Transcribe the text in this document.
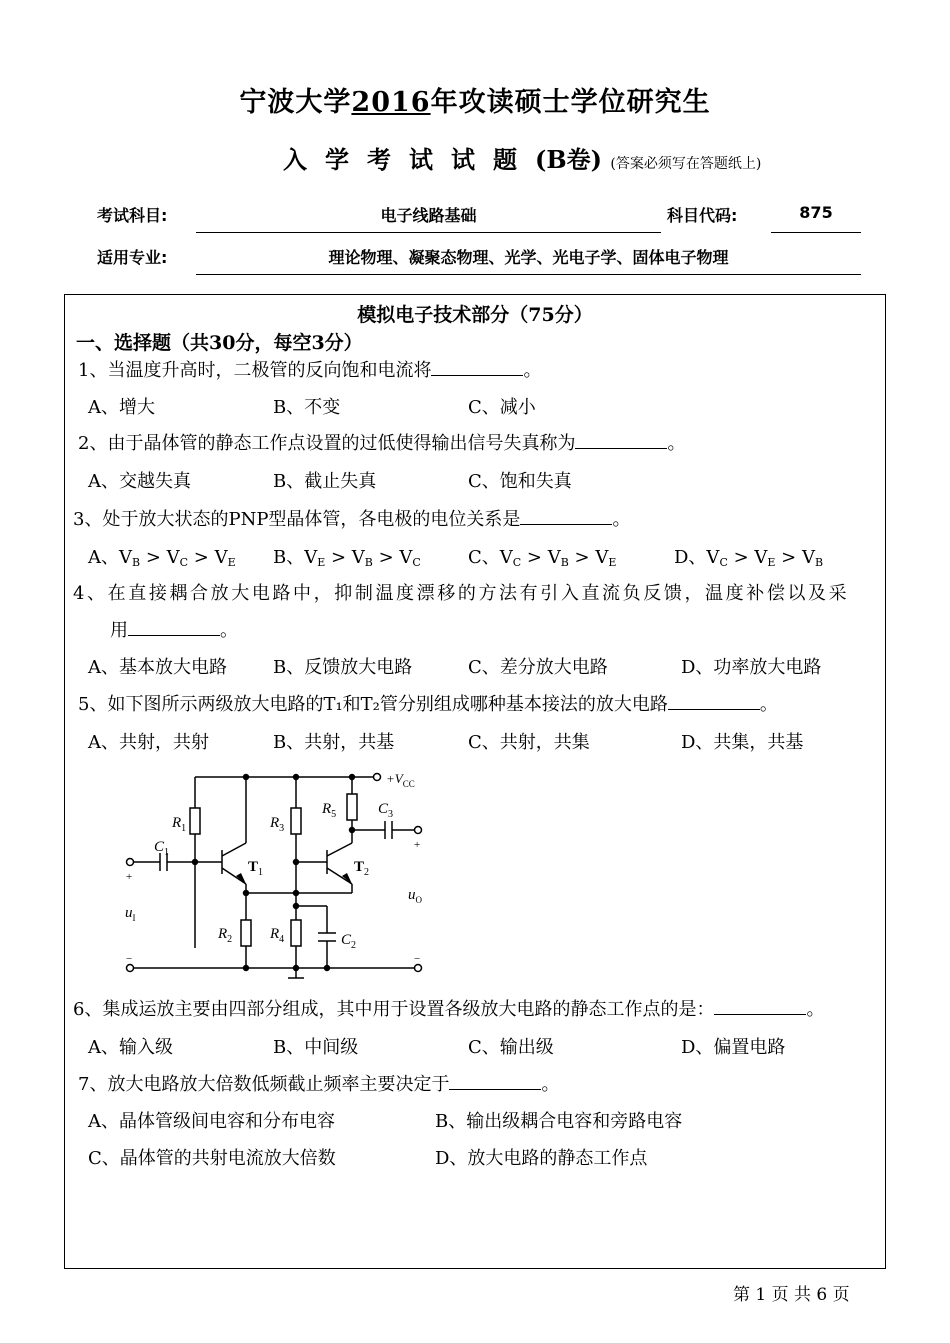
宁波大学2016年攻读硕士学位研究生
入学考试试题(B卷) (答案必须写在答题纸上)
考试科目:	电子线路基础	科目代码:	875
适用专业:	理论物理、凝聚态物理、光学、光电子学、固体电子物理
模拟电子技术部分（75分）
一、选择题（共30分，每空3分）
1、当温度升高时，二极管的反向饱和电流将	。
A、增大	B、不变	C、减小
2、由于晶体管的静态工作点设置的过低使得输出信号失真称为	。
A、交越失真	B、截止失真	C、饱和失真
3、处于放大状态的PNP型晶体管，各电极的电位关系是	。
A、$V_B > V_C > V_E$ B、$V_E > V_B > V_C$	C、$V_C > V_B > V_E$	D、$V_C > V_E > V_B$
4、在直接耦合放大电路中，抑制温度漂移的方法有引入直流负反馈，温度补偿以及采
用	。
A、基本放大电路	B、反馈放大电路	C、差分放大电路	D、功率放大电路
5、如下图所示两级放大电路的T₁和T₂管分别组成哪种基本接法的放大电路	。
A、共射，共射	B、共射，共基	C、共射，共集	D、共集，共基
$R_1$
$C_1$
$T_1$
$R_3$
$R_5$	$C_3$
$+V_{CC}$
$T_2$
$R_2$	$R_4$	$C_2$
$u_I$
$u_O$
+
−
+
−
6、集成运放主要由四部分组成，其中用于设置各级放大电路的静态工作点的是：	。
A、输入级	B、中间级	C、输出级	D、偏置电路
7、放大电路放大倍数低频截止频率主要决定于	。
A、晶体管级间电容和分布电容	B、输出级耦合电容和旁路电容
C、晶体管的共射电流放大倍数	D、放大电路的静态工作点
第 1 页 共 6 页
